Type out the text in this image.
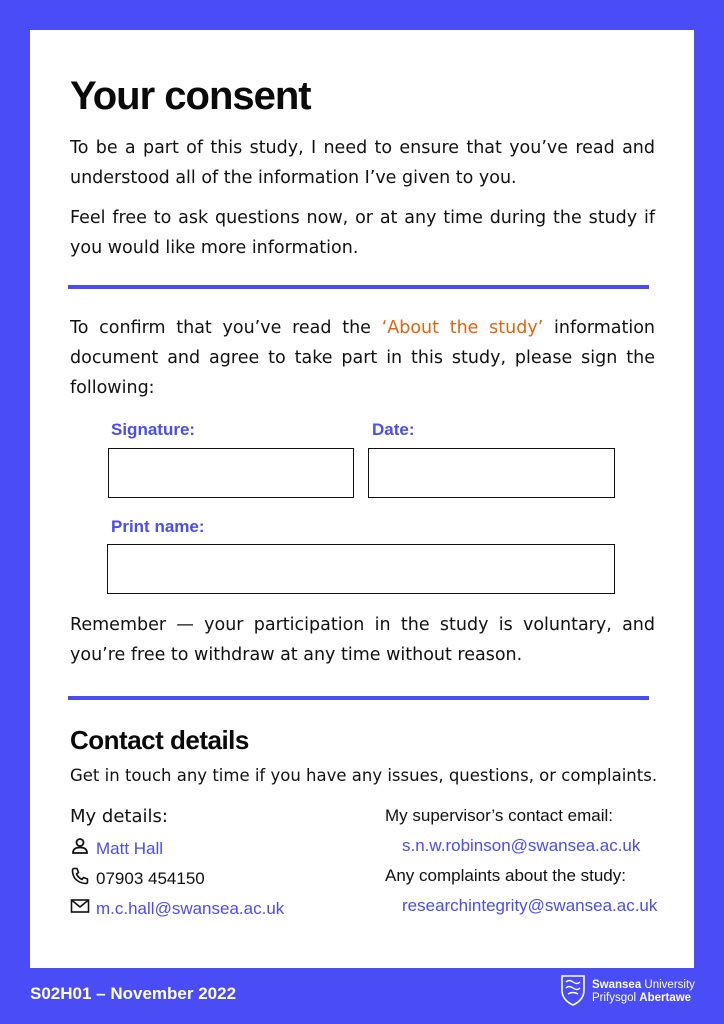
Your consent

To be a part of this study, I need to ensure that you’ve read and understood all of the information I’ve given to you.

Feel free to ask questions now, or at any time during the study if you would like more information.

To confirm that you’ve read the ‘About the study’ information document and agree to take part in this study, please sign the following:

Signature:	Date:
Print name:

Remember — your participation in the study is voluntary, and you’re free to withdraw at any time without reason.

Contact details

Get in touch any time if you have any issues, questions, or complaints.

My details:
Matt Hall
07903 454150
m.c.hall@swansea.ac.uk
My supervisor’s contact email:
s.n.w.robinson@swansea.ac.uk
Any complaints about the study:
researchintegrity@swansea.ac.uk
S02H01 – November 2022	Swansea University
Prifysgol Abertawe
